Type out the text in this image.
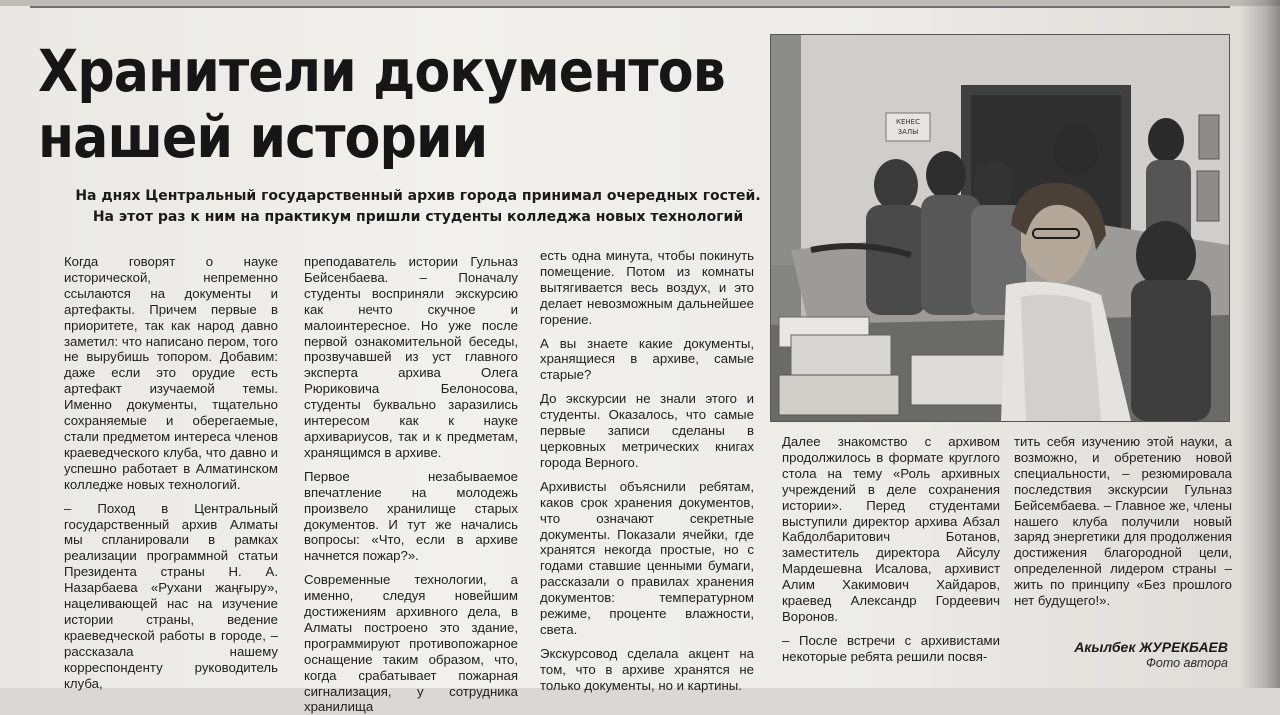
Хранители документов
нашей истории
На днях Центральный государственный архив города принимал очередных гостей.
На этот раз к ним на практикум пришли студенты колледжа новых технологий
КЕНЕС
ЗАЛЫ

Когда говорят о науке исторической, непременно ссылаются на документы и артефакты. Причем первые в приоритете, так как народ давно заметил: что написано пером, того не вырубишь топором. Добавим: даже если это орудие есть артефакт изучаемой темы. Именно документы, тщательно сохраняемые и оберегаемые, стали предметом интереса членов краеведческого клуба, что давно и успешно работает в Алматинском колледже новых технологий.

– Поход в Центральный государственный архив Алматы мы спланировали в рамках реализации программной статьи Президента страны Н. А. Назарбаева «Рухани жаңғыру», нацеливающей нас на изучение истории страны, ведение краеведческой работы в городе, – рассказала нашему корреспонденту руководитель клуба,

преподаватель истории Гульназ Бейсенбаева. – Поначалу студенты восприняли экскурсию как нечто скучное и малоинтересное. Но уже после первой ознакомительной беседы, прозвучавшей из уст главного эксперта архива Олега Рюриковича Белоносова, студенты буквально заразились интересом как к науке архивариусов, так и к предметам, хранящимся в архиве.

Первое незабываемое впечатление на молодежь произвело хранилище старых документов. И тут же начались вопросы: «Что, если в архиве начнется пожар?».

Современные технологии, а именно, следуя новейшим достижениям архивного дела, в Алматы построено это здание, программируют противопожарное оснащение таким образом, что, когда срабатывает пожарная сигнализация, у сотрудника хранилища

есть одна минута, чтобы покинуть помещение. Потом из комнаты вытягивается весь воздух, и это делает невозможным дальнейшее горение.

А вы знаете какие документы, хранящиеся в архиве, самые старые?

До экскурсии не знали этого и студенты. Оказалось, что самые первые записи сделаны в церковных метрических книгах города Верного.

Архивисты объяснили ребятам, каков срок хранения документов, что означают секретные документы. Показали ячейки, где хранятся некогда простые, но с годами ставшие ценными бумаги, рассказали о правилах хранения документов: температурном режиме, проценте влажности, света.

Экскурсовод сделала акцент на том, что в архиве хранятся не только документы, но и картины.

Далее знакомство с архивом продолжилось в формате круглого стола на тему «Роль архивных учреждений в деле сохранения истории». Перед студентами выступили директор архива Абзал Кабдолбаритович Ботанов, заместитель директора Айсулу Мардешевна Исалова, архивист Алим Хакимович Хайдаров, краевед Александр Гордеевич Воронов.

– После встречи с архивистами некоторые ребята решили посвя-

тить себя изучению этой науки, а возможно, и обретению новой специальности, – резюмировала последствия экскурсии Гульназ Бейсембаева. – Главное же, члены нашего клуба получили новый заряд энергетики для продолжения достижения благородной цели, определенной лидером страны – жить по принципу «Без прошлого нет будущего!».

Акылбек ЖУРЕКБАЕВ
Фото автора
